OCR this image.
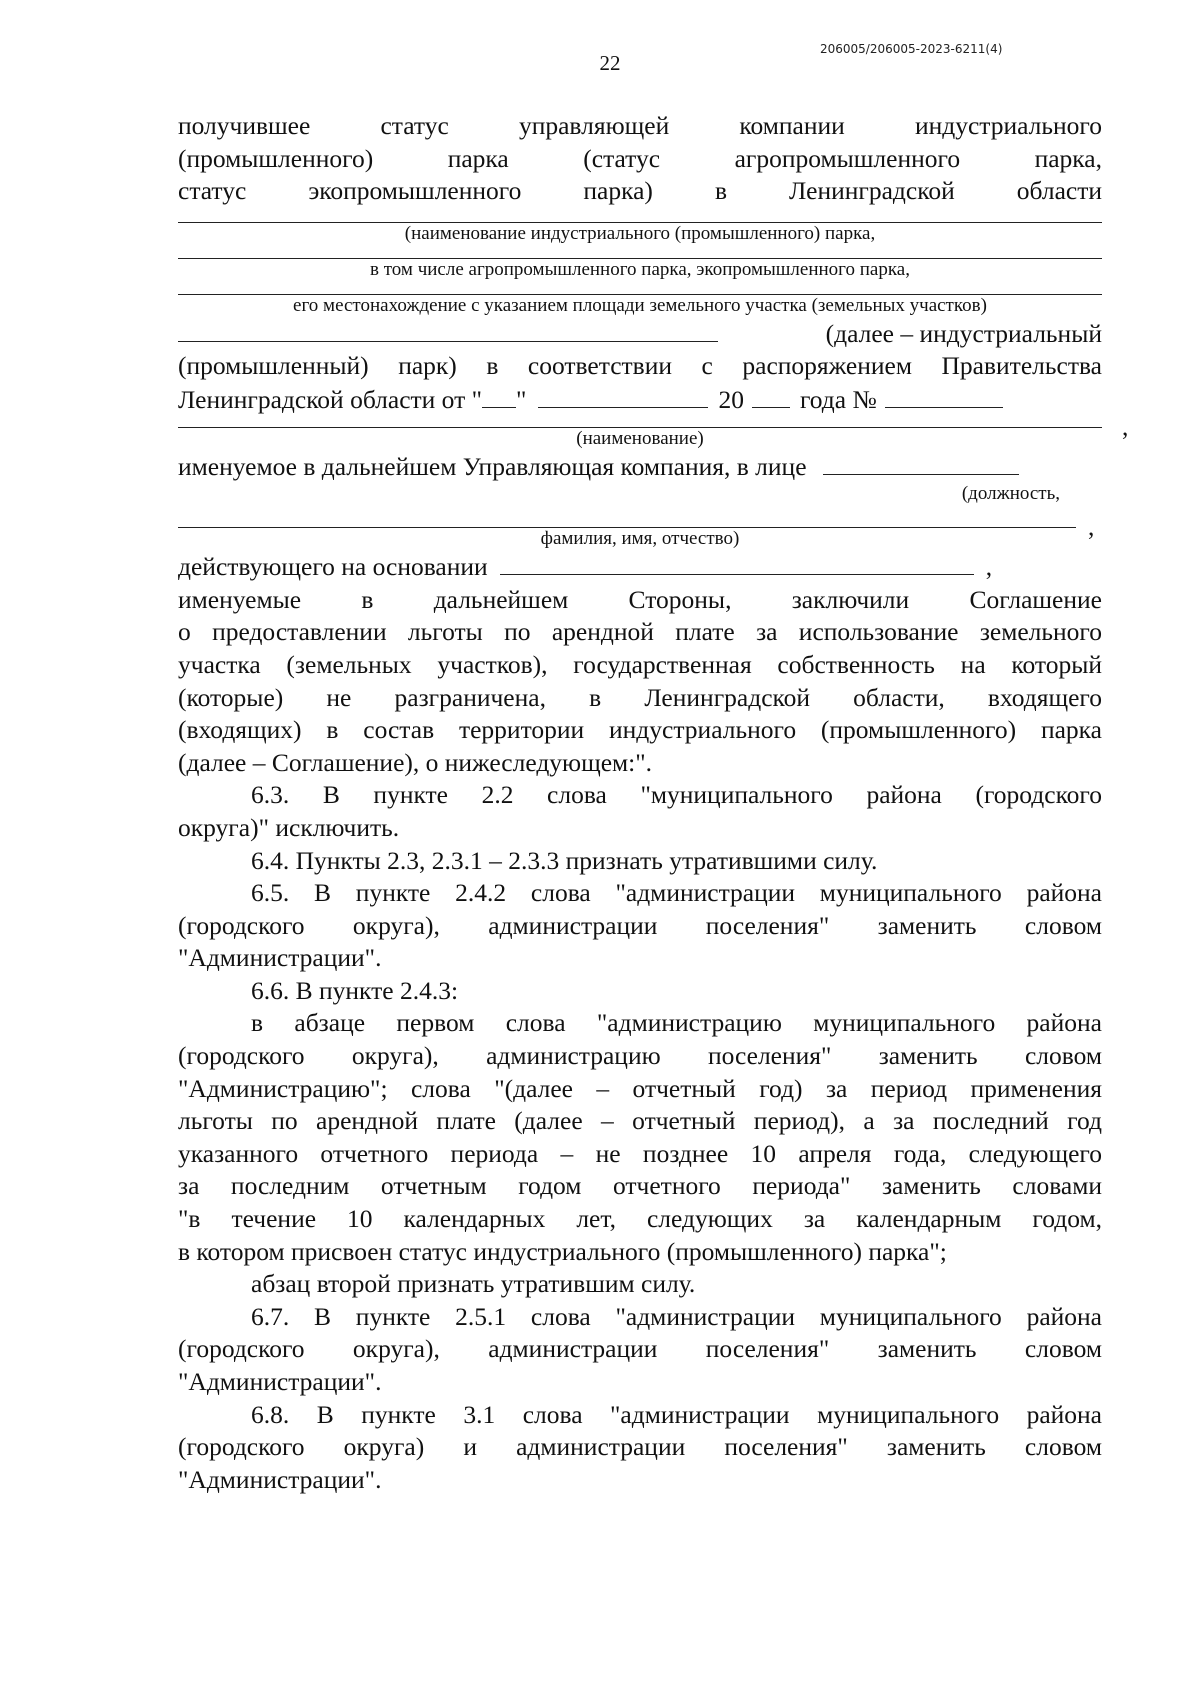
206005/206005-2023-6211(4)
22
получившее статус управляющей компании индустриального
(промышленного) парка (статус агропромышленного парка,
статус экопромышленного парка) в Ленинградской области
(наименование индустриального (промышленного) парка,
в том числе агропромышленного парка, экопромышленного парка,
его местонахождение с указанием площади земельного участка (земельных участков)
(далее – индустриальный
(промышленный) парк) в соответствии с распоряжением Правительства
Ленинградской области от " "	20 года №
,
(наименование)
именуемое в дальнейшем Управляющая компания, в лице
(должность,
,
фамилия, имя, отчество)
действующего на основании	,
именуемые в дальнейшем Стороны, заключили Соглашение
о предоставлении льготы по арендной плате за использование земельного
участка (земельных участков), государственная собственность на который
(которые) не разграничена, в Ленинградской области, входящего
(входящих) в состав территории индустриального (промышленного) парка
(далее – Соглашение), о нижеследующем:".
6.3. В пункте 2.2 слова "муниципального района (городского
округа)" исключить.
6.4. Пункты 2.3, 2.3.1 – 2.3.3 признать утратившими силу.
6.5. В пункте 2.4.2 слова "администрации муниципального района
(городского округа), администрации поселения" заменить словом
"Администрации".
6.6. В пункте 2.4.3:
в абзаце первом слова "администрацию муниципального района
(городского округа), администрацию поселения" заменить словом
"Администрацию"; слова "(далее – отчетный год) за период применения
льготы по арендной плате (далее – отчетный период), а за последний год
указанного отчетного периода – не позднее 10 апреля года, следующего
за последним отчетным годом отчетного периода" заменить словами
"в течение 10 календарных лет, следующих за календарным годом,
в котором присвоен статус индустриального (промышленного) парка";
абзац второй признать утратившим силу.
6.7. В пункте 2.5.1 слова "администрации муниципального района
(городского округа), администрации поселения" заменить словом
"Администрации".
6.8. В пункте 3.1 слова "администрации муниципального района
(городского округа) и администрации поселения" заменить словом
"Администрации".
